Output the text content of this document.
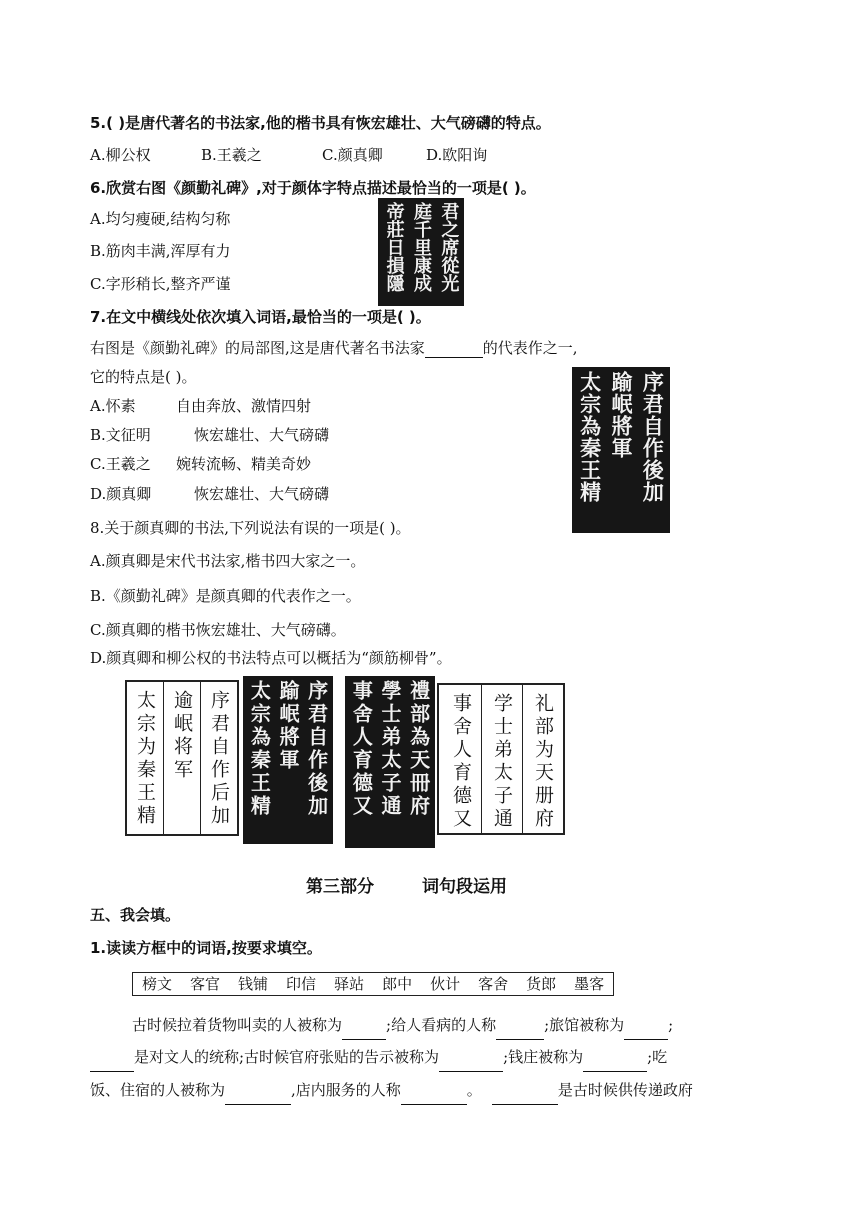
5.( )是唐代著名的书法家,他的楷书具有恢宏雄壮、大气磅礴的特点。
A.柳公权	B.王羲之	C.颜真卿	D.欧阳询
6.欣赏右图《颜勤礼碑》,对于颜体字特点描述最恰当的一项是( )。
A.均匀瘦硬,结构匀称
B.筋肉丰满,浑厚有力
C.字形稍长,整齐严谨	君之席從光
庭千里康成
帝莊日損隱
7.在文中横线处依次填入词语,最恰当的一项是( )。
右图是《颜勤礼碑》的局部图,这是唐代著名书法家	的代表作之一,
它的特点是( )。
A.怀素	自由奔放、激情四射
B.文征明	恢宏雄壮、大气磅礴
C.王羲之 婉转流畅、精美奇妙
D.颜真卿	恢宏雄壮、大气磅礴	序君自作後加
踰岷將軍
太宗為秦王精
8.关于颜真卿的书法,下列说法有误的一项是( )。
A.颜真卿是宋代书法家,楷书四大家之一。
B.《颜勤礼碑》是颜真卿的代表作之一。
C.颜真卿的楷书恢宏雄壮、大气磅礴。
D.颜真卿和柳公权的书法特点可以概括为“颜筋柳骨”。
序君自作后加
逾岷将军
太宗为秦王精	序君自作後加
踰岷將軍
太宗為秦王精	禮部為天冊府
學士弟太子通
事舍人育德又	礼部为天册府
学士弟太子通
事舍人育德又
第三部分	词句段运用
五、我会填。
1.读读方框中的词语,按要求填空。
榜文	客官	钱铺	印信	驿站	郎中	伙计	客舍	货郎	墨客
古时候拉着货物叫卖的人被称为	;给人看病的人称	;旅馆被称为	;
是对文人的统称;古时候官府张贴的告示被称为	;钱庄被称为	;吃
饭、住宿的人被称为	,店内服务的人称	。	是古时候供传递政府
